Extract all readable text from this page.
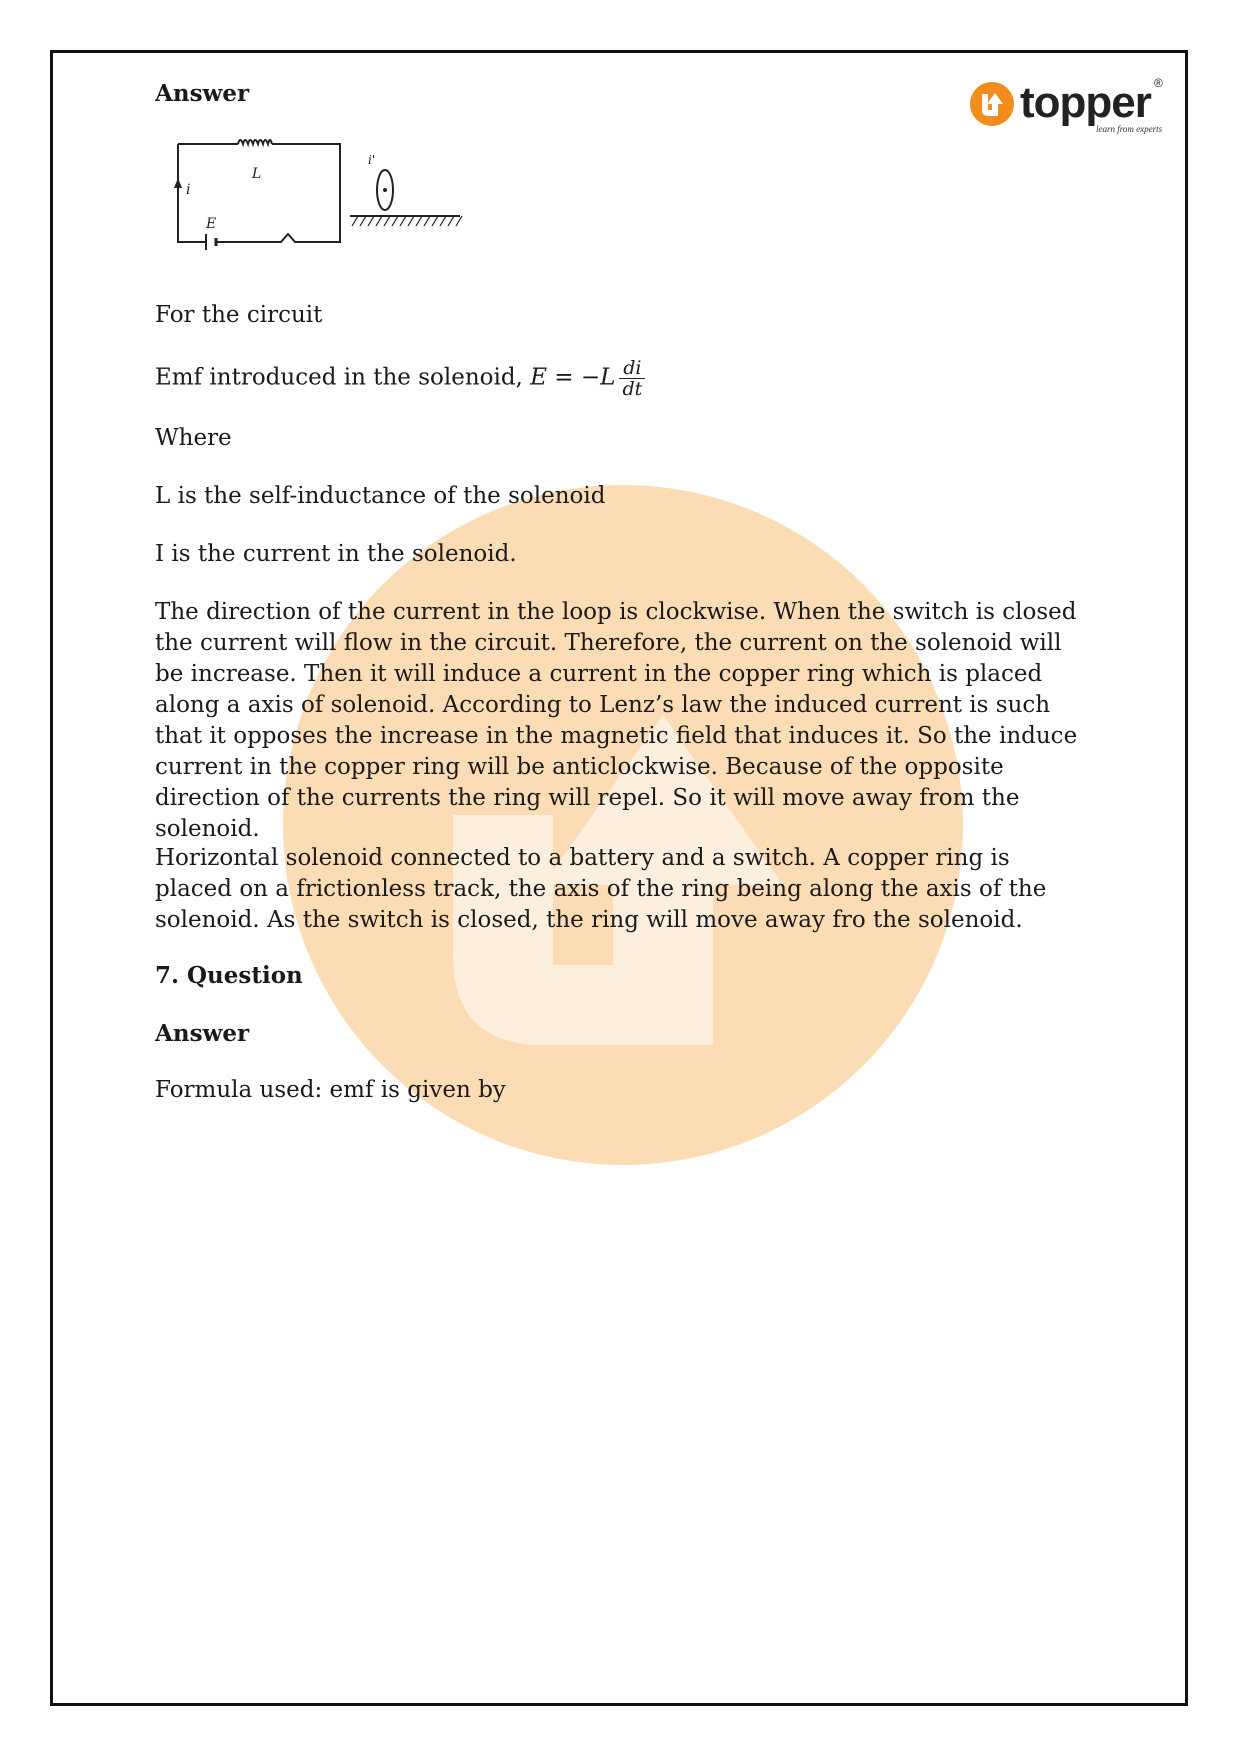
topper ®
learn from experts
L
i
E
i'

Answer

For the circuit

Emf introduced in the solenoid, $E = -L \frac{di}{dt}$

Where

L is the self-inductance of the solenoid

I is the current in the solenoid.

The direction of the current in the loop is clockwise. When the switch is closed the current will flow in the circuit. Therefore, the current on the solenoid will be increase. Then it will induce a current in the copper ring which is placed along a axis of solenoid. According to Lenz’s law the induced current is such that it opposes the increase in the magnetic field that induces it. So the induce current in the copper ring will be anticlockwise. Because of the opposite direction of the currents the ring will repel. So it will move away from the solenoid.

Horizontal solenoid connected to a battery and a switch. A copper ring is placed on a frictionless track, the axis of the ring being along the axis of the solenoid. As the switch is closed, the ring will move away fro the solenoid.

7. Question

Answer

Formula used: emf is given by
